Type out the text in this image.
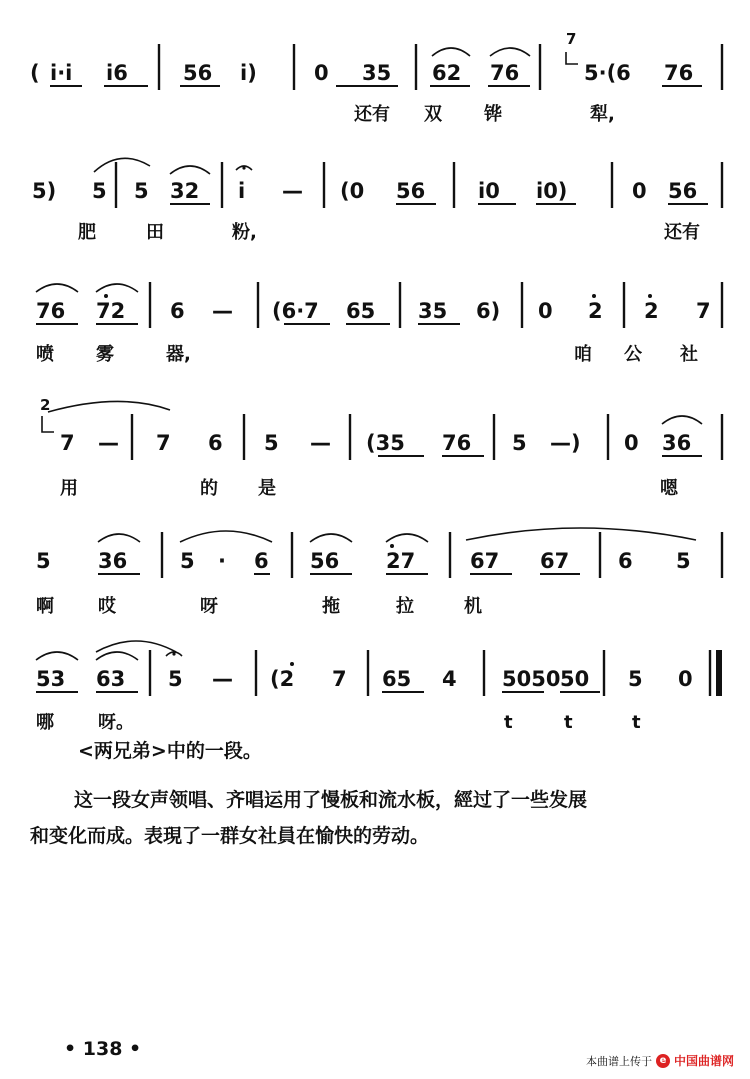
( i·i i6	56 i)	0 35 62 76
7
5·(6 76
还有 双 铧	犁,
5) 5 5 32 i — (0 56	i0 i0)	0 56
肥	田	粉,	还有
76 72 6 — (6·7 65 35 6) 0 2 2 7
喷 雾	器,	咱 公 社
2
7 — 7 6 5 — (35 76 5 —) 0 36
用	的 是	嗯
5 36	5 · 6 56 27	67 67 6 5
啊 哎	呀	拖	拉	机
53 63 5 — (2 7 65 4 5050 50 5 0
哪 呀。	t	t	t

<两兄弟>中的一段。

这一段女声领唱、齐唱运用了慢板和流水板，經过了一些发展

和变化而成。表現了一群女社員在愉快的劳动。

• 138 •
本曲谱上传于 e 中国曲谱网
